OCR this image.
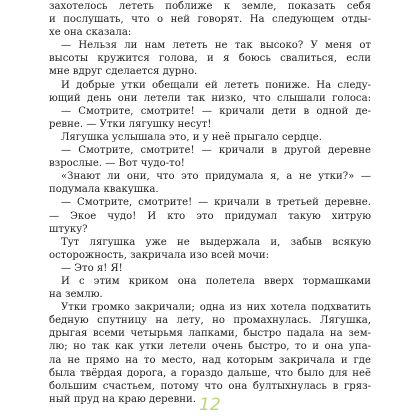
захотелось лететь поближе к земле, показать себя
и послушать, что о ней говорят. На следующем отды-
хе она сказала:
— Нельзя ли нам лететь не так высоко? У меня от
высоты кружится голова, и я боюсь свалиться, если
мне вдруг сделается дурно.
И добрые утки обещали ей лететь пониже. На следу-
ющий день они летели так низко, что слышали голоса:
— Смотрите, смотрите! — кричали дети в одной де-
ревне. — Утки лягушку несут!
Лягушка услышала это, и у неё прыгало сердце.
— Смотрите, смотрите! — кричали в другой деревне
взрослые. — Вот чудо-то!
«Знают ли они, что это придумала я, а не утки?» —
подумала квакушка.
— Смотрите, смотрите! — кричали в третьей деревне.
— Экое чудо! И кто это придумал такую хитрую
штуку?
Тут лягушка уже не выдержала и, забыв всякую
осторожность, закричала изо всей мочи:
— Это я! Я!
И с этим криком она полетела вверх тормашками
на землю.
Утки громко закричали; одна из них хотела подхватить
бедную спутницу на лету, но промахнулась. Лягушка,
дрыгая всеми четырьмя лапками, быстро падала на зем-
лю; но так как утки летели очень быстро, то и она упа-
ла не прямо на то место, над которым закричала и где
была твёрдая дорога, а гораздо дальше, что было для неё
большим счастьем, потому что она бултыхнулась в гряз-
ный пруд на краю деревни. 12
